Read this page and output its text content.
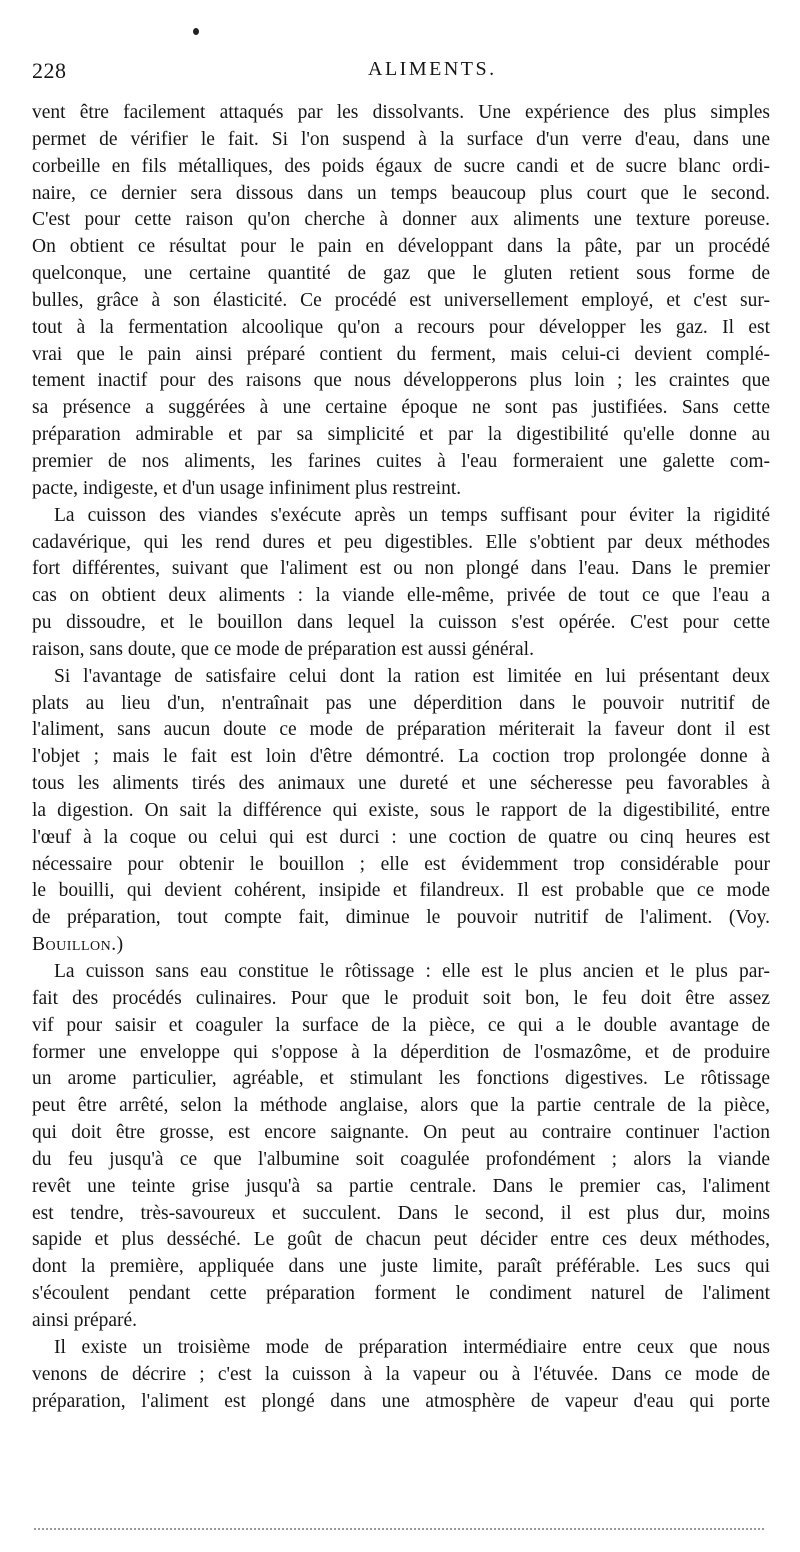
228	ALIMENTS.
vent être facilement attaqués par les dissolvants. Une expérience des plus simples
permet de vérifier le fait. Si l'on suspend à la surface d'un verre d'eau, dans une
corbeille en fils métalliques, des poids égaux de sucre candi et de sucre blanc ordi-
naire, ce dernier sera dissous dans un temps beaucoup plus court que le second.
C'est pour cette raison qu'on cherche à donner aux aliments une texture poreuse.
On obtient ce résultat pour le pain en développant dans la pâte, par un procédé
quelconque, une certaine quantité de gaz que le gluten retient sous forme de
bulles, grâce à son élasticité. Ce procédé est universellement employé, et c'est sur-
tout à la fermentation alcoolique qu'on a recours pour développer les gaz. Il est
vrai que le pain ainsi préparé contient du ferment, mais celui-ci devient complé-
tement inactif pour des raisons que nous développerons plus loin ; les craintes que
sa présence a suggérées à une certaine époque ne sont pas justifiées. Sans cette
préparation admirable et par sa simplicité et par la digestibilité qu'elle donne au
premier de nos aliments, les farines cuites à l'eau formeraient une galette com-
pacte, indigeste, et d'un usage infiniment plus restreint.
La cuisson des viandes s'exécute après un temps suffisant pour éviter la rigidité
cadavérique, qui les rend dures et peu digestibles. Elle s'obtient par deux méthodes
fort différentes, suivant que l'aliment est ou non plongé dans l'eau. Dans le premier
cas on obtient deux aliments : la viande elle-même, privée de tout ce que l'eau a
pu dissoudre, et le bouillon dans lequel la cuisson s'est opérée. C'est pour cette
raison, sans doute, que ce mode de préparation est aussi général.
Si l'avantage de satisfaire celui dont la ration est limitée en lui présentant deux
plats au lieu d'un, n'entraînait pas une déperdition dans le pouvoir nutritif de
l'aliment, sans aucun doute ce mode de préparation mériterait la faveur dont il est
l'objet ; mais le fait est loin d'être démontré. La coction trop prolongée donne à
tous les aliments tirés des animaux une dureté et une sécheresse peu favorables à
la digestion. On sait la différence qui existe, sous le rapport de la digestibilité, entre
l'œuf à la coque ou celui qui est durci : une coction de quatre ou cinq heures est
nécessaire pour obtenir le bouillon ; elle est évidemment trop considérable pour
le bouilli, qui devient cohérent, insipide et filandreux. Il est probable que ce mode
de préparation, tout compte fait, diminue le pouvoir nutritif de l'aliment. (Voy.
Bouillon.)
La cuisson sans eau constitue le rôtissage : elle est le plus ancien et le plus par-
fait des procédés culinaires. Pour que le produit soit bon, le feu doit être assez
vif pour saisir et coaguler la surface de la pièce, ce qui a le double avantage de
former une enveloppe qui s'oppose à la déperdition de l'osmazôme, et de produire
un arome particulier, agréable, et stimulant les fonctions digestives. Le rôtissage
peut être arrêté, selon la méthode anglaise, alors que la partie centrale de la pièce,
qui doit être grosse, est encore saignante. On peut au contraire continuer l'action
du feu jusqu'à ce que l'albumine soit coagulée profondément ; alors la viande
revêt une teinte grise jusqu'à sa partie centrale. Dans le premier cas, l'aliment
est tendre, très-savoureux et succulent. Dans le second, il est plus dur, moins
sapide et plus desséché. Le goût de chacun peut décider entre ces deux méthodes,
dont la première, appliquée dans une juste limite, paraît préférable. Les sucs qui
s'écoulent pendant cette préparation forment le condiment naturel de l'aliment
ainsi préparé.
Il existe un troisième mode de préparation intermédiaire entre ceux que nous
venons de décrire ; c'est la cuisson à la vapeur ou à l'étuvée. Dans ce mode de
préparation, l'aliment est plongé dans une atmosphère de vapeur d'eau qui porte
